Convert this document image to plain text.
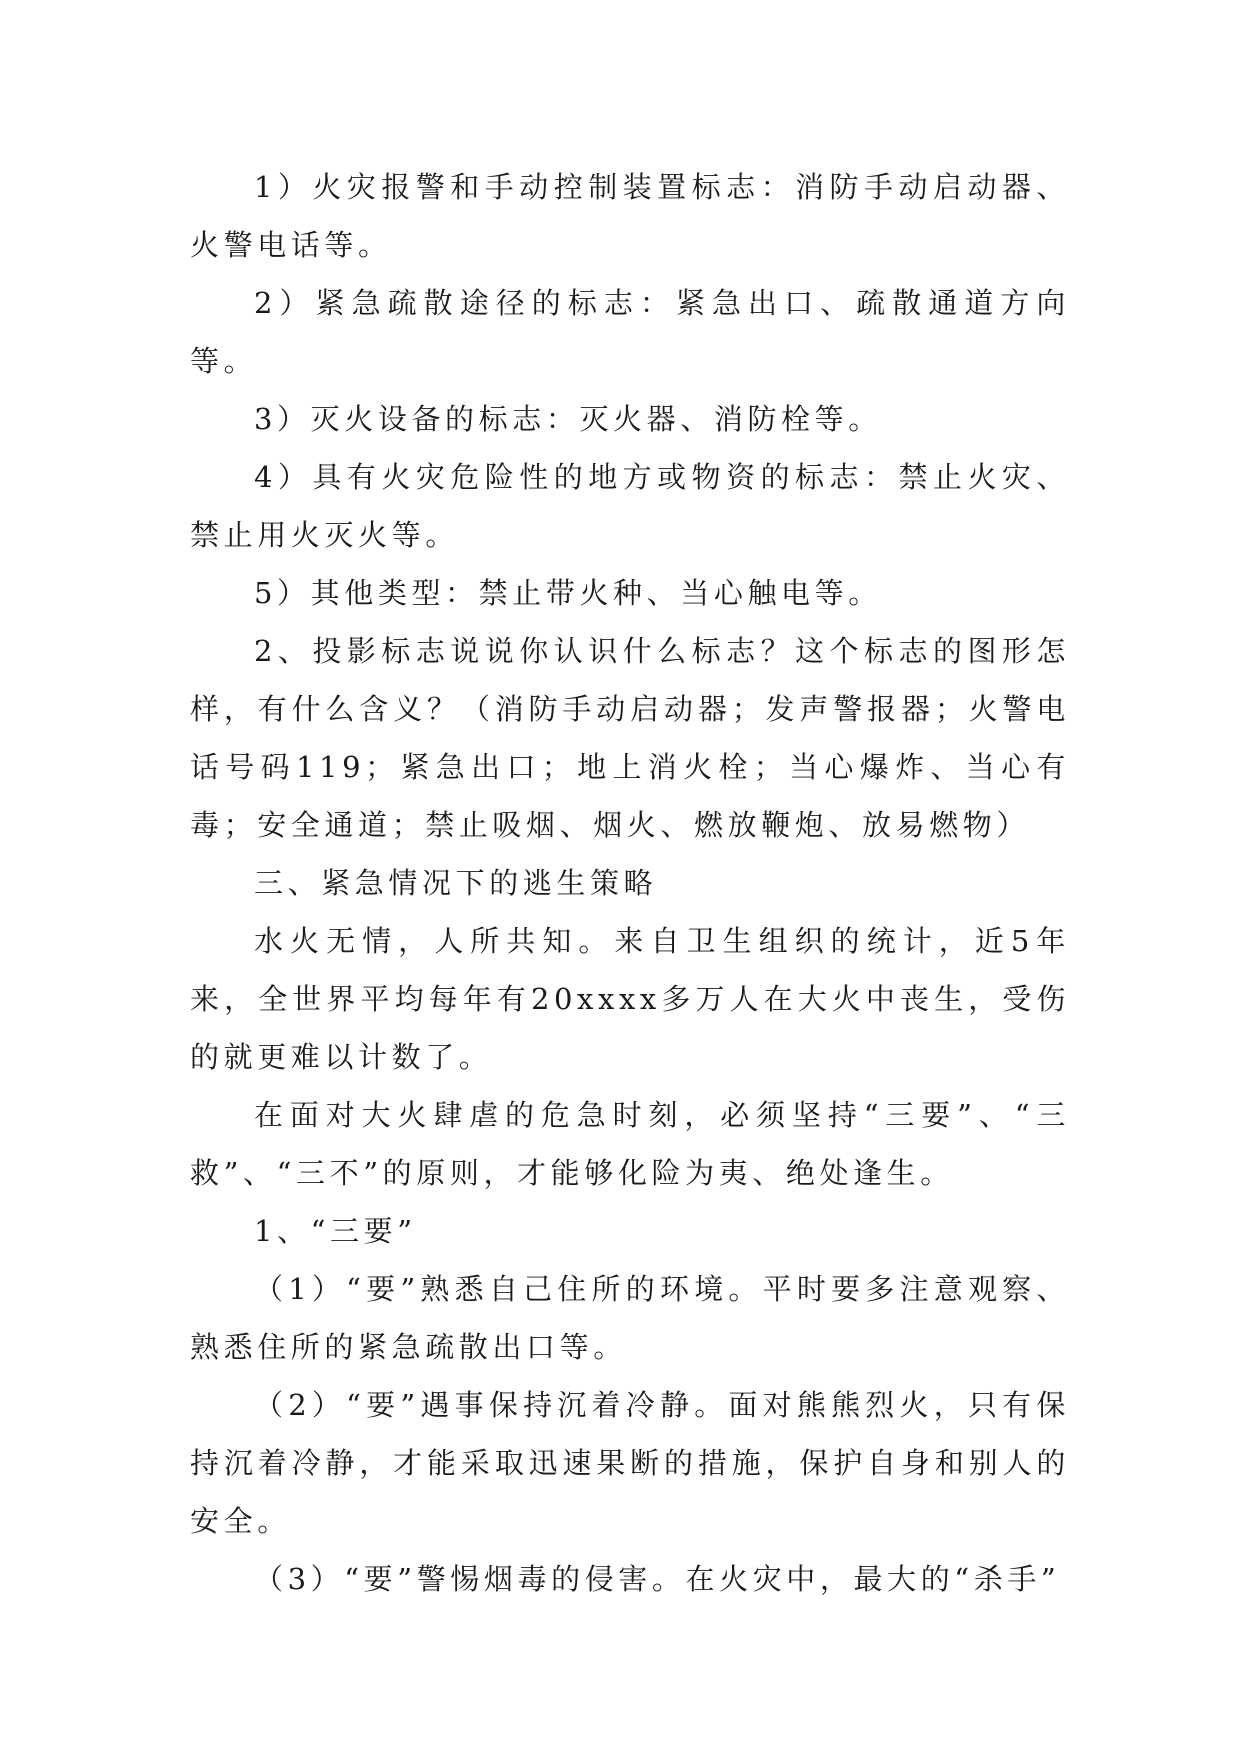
1）火灾报警和手动控制装置标志：消防手动启动器、火警电话等。

2）紧急疏散途径的标志：紧急出口、疏散通道方向等。

3）灭火设备的标志：灭火器、消防栓等。

4）具有火灾危险性的地方或物资的标志：禁止火灾、禁止用火灭火等。

5）其他类型：禁止带火种、当心触电等。

2、投影标志说说你认识什么标志？这个标志的图形怎样，有什么含义？（消防手动启动器；发声警报器；火警电话号码119；紧急出口；地上消火栓；当心爆炸、当心有毒；安全通道；禁止吸烟、烟火、燃放鞭炮、放易燃物）

三、紧急情况下的逃生策略

水火无情，人所共知。来自卫生组织的统计，近5年来，全世界平均每年有20xxxx多万人在大火中丧生，受伤的就更难以计数了。

在面对大火肆虐的危急时刻，必须坚持“三要”、“三救”、“三不”的原则，才能够化险为夷、绝处逢生。

1、“三要”

（1）“要”熟悉自己住所的环境。平时要多注意观察、熟悉住所的紧急疏散出口等。

（2）“要”遇事保持沉着冷静。面对熊熊烈火，只有保持沉着冷静，才能采取迅速果断的措施，保护自身和别人的安全。

（3）“要”警惕烟毒的侵害。在火灾中，最大的“杀手”
